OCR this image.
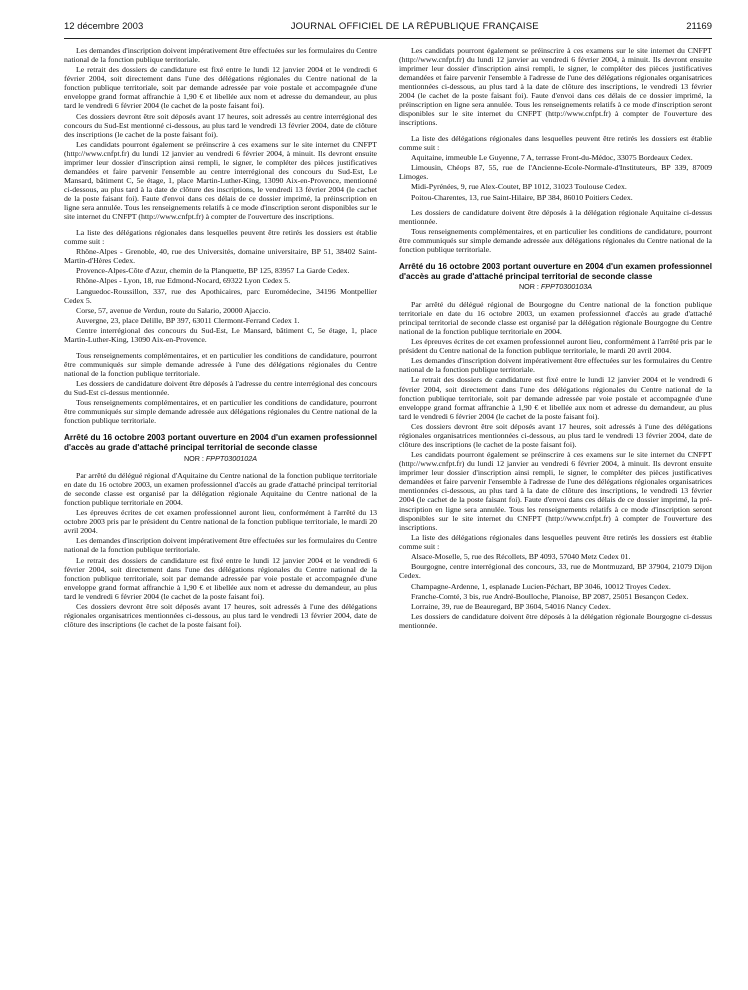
12 décembre 2003	JOURNAL OFFICIEL DE LA RÉPUBLIQUE FRANÇAISE	21169

Les demandes d'inscription doivent impérativement être effectuées sur les formulaires du Centre national de la fonction publique territoriale.

Le retrait des dossiers de candidature est fixé entre le lundi 12 janvier 2004 et le vendredi 6 février 2004, soit directement dans l'une des délégations régionales du Centre national de la fonction publique territoriale, soit par demande adressée par voie postale et accompagnée d'une enveloppe grand format affranchie à 1,90 € et libellée aux nom et adresse du demandeur, au plus tard le vendredi 6 février 2004 (le cachet de la poste faisant foi).

Ces dossiers devront être soit déposés avant 17 heures, soit adressés au centre interrégional des concours du Sud-Est mentionné ci-dessous, au plus tard le vendredi 13 février 2004, date de clôture des inscriptions (le cachet de la poste faisant foi).

Les candidats pourront également se préinscrire à ces examens sur le site internet du CNFPT (http://www.cnfpt.fr) du lundi 12 janvier au vendredi 6 février 2004, à minuit. Ils devront ensuite imprimer leur dossier d'inscription ainsi rempli, le signer, le compléter des pièces justificatives demandées et faire parvenir l'ensemble au centre interrégional des concours du Sud-Est, Le Mansard, bâtiment C, 5e étage, 1, place Martin-Luther-King, 13090 Aix-en-Provence, mentionné ci-dessous, au plus tard à la date de clôture des inscriptions, le vendredi 13 février 2004 (le cachet de la poste faisant foi). Faute d'envoi dans ces délais de ce dossier imprimé, la préinscription en ligne sera annulée. Tous les renseignements relatifs à ce mode d'inscription seront disponibles sur le site internet du CNFPT (http://www.cnfpt.fr) à compter de l'ouverture des inscriptions.

La liste des délégations régionales dans lesquelles peuvent être retirés les dossiers est établie comme suit :

Rhône-Alpes - Grenoble, 40, rue des Universités, domaine universitaire, BP 51, 38402 Saint-Martin-d'Hères Cedex.

Provence-Alpes-Côte d'Azur, chemin de la Planquette, BP 125, 83957 La Garde Cedex.

Rhône-Alpes - Lyon, 18, rue Edmond-Nocard, 69322 Lyon Cedex 5.

Languedoc-Roussillon, 337, rue des Apothicaires, parc Euromédecine, 34196 Montpellier Cedex 5.

Corse, 57, avenue de Verdun, route du Salario, 20000 Ajaccio.

Auvergne, 23, place Delille, BP 397, 63011 Clermont-Ferrand Cedex 1.

Centre interrégional des concours du Sud-Est, Le Mansard, bâtiment C, 5e étage, 1, place Martin-Luther-King, 13090 Aix-en-Provence.

Tous renseignements complémentaires, et en particulier les conditions de candidature, pourront être communiqués sur simple demande adressée à l'une des délégations régionales du Centre national de la fonction publique territoriale.

Les dossiers de candidature doivent être déposés à l'adresse du centre interrégional des concours du Sud-Est ci-dessus mentionnée.

Tous renseignements complémentaires, et en particulier les conditions de candidature, pourront être communiqués sur simple demande adressée aux délégations régionales du Centre national de la fonction publique territoriale.

Arrêté du 16 octobre 2003 portant ouverture en 2004 d'un examen professionnel d'accès au grade d'attaché principal territorial de seconde classe

NOR : FPPT0300102A

Par arrêté du délégué régional d'Aquitaine du Centre national de la fonction publique territoriale en date du 16 octobre 2003, un examen professionnel d'accès au grade d'attaché principal territorial de seconde classe est organisé par la délégation régionale Aquitaine du Centre national de la fonction publique territoriale en 2004.

Les épreuves écrites de cet examen professionnel auront lieu, conformément à l'arrêté du 13 octobre 2003 pris par le président du Centre national de la fonction publique territoriale, le mardi 20 avril 2004.

Les demandes d'inscription doivent impérativement être effectuées sur les formulaires du Centre national de la fonction publique territoriale.

Le retrait des dossiers de candidature est fixé entre le lundi 12 janvier 2004 et le vendredi 6 février 2004, soit directement dans l'une des délégations régionales du Centre national de la fonction publique territoriale, soit par demande adressée par voie postale et accompagnée d'une enveloppe grand format affranchie à 1,90 € et libellée aux nom et adresse du demandeur, au plus tard le vendredi 6 février 2004 (le cachet de la poste faisant foi).

Ces dossiers devront être soit déposés avant 17 heures, soit adressés à l'une des délégations régionales organisatrices mentionnées ci-dessous, au plus tard le vendredi 13 février 2004, date de clôture des inscriptions (le cachet de la poste faisant foi).

Les candidats pourront également se préinscrire à ces examens sur le site internet du CNFPT (http://www.cnfpt.fr) du lundi 12 janvier au vendredi 6 février 2004, à minuit. Ils devront ensuite imprimer leur dossier d'inscription ainsi rempli, le signer, le compléter des pièces justificatives demandées et faire parvenir l'ensemble à l'adresse de l'une des délégations régionales organisatrices mentionnées ci-dessous, au plus tard à la date de clôture des inscriptions, le vendredi 13 février 2004 (le cachet de la poste faisant foi). Faute d'envoi dans ces délais de ce dossier imprimé, la préinscription en ligne sera annulée. Tous les renseignements relatifs à ce mode d'inscription seront disponibles sur le site internet du CNFPT (http://www.cnfpt.fr) à compter de l'ouverture des inscriptions.

La liste des délégations régionales dans lesquelles peuvent être retirés les dossiers est établie comme suit :

Aquitaine, immeuble Le Guyenne, 7 A, terrasse Front-du-Médoc, 33075 Bordeaux Cedex.

Limousin, Chéops 87, 55, rue de l'Ancienne-Ecole-Normale-d'Instituteurs, BP 339, 87009 Limoges.

Midi-Pyrénées, 9, rue Alex-Coutet, BP 1012, 31023 Toulouse Cedex.

Poitou-Charentes, 13, rue Saint-Hilaire, BP 384, 86010 Poitiers Cedex.

Les dossiers de candidature doivent être déposés à la délégation régionale Aquitaine ci-dessus mentionnée.

Tous renseignements complémentaires, et en particulier les conditions de candidature, pourront être communiqués sur simple demande adressée aux délégations régionales du Centre national de la fonction publique territoriale.

Arrêté du 16 octobre 2003 portant ouverture en 2004 d'un examen professionnel d'accès au grade d'attaché principal territorial de seconde classe

NOR : FPPT0300103A

Par arrêté du délégué régional de Bourgogne du Centre national de la fonction publique territoriale en date du 16 octobre 2003, un examen professionnel d'accès au grade d'attaché principal territorial de seconde classe est organisé par la délégation régionale Bourgogne du Centre national de la fonction publique territoriale en 2004.

Les épreuves écrites de cet examen professionnel auront lieu, conformément à l'arrêté pris par le président du Centre national de la fonction publique territoriale, le mardi 20 avril 2004.

Les demandes d'inscription doivent impérativement être effectuées sur les formulaires du Centre national de la fonction publique territoriale.

Le retrait des dossiers de candidature est fixé entre le lundi 12 janvier 2004 et le vendredi 6 février 2004, soit directement dans l'une des délégations régionales du Centre national de la fonction publique territoriale, soit par demande adressée par voie postale et accompagnée d'une enveloppe grand format affranchie à 1,90 € et libellée aux nom et adresse du demandeur, au plus tard le vendredi 6 février 2004 (le cachet de la poste faisant foi).

Ces dossiers devront être soit déposés avant 17 heures, soit adressés à l'une des délégations régionales organisatrices mentionnées ci-dessous, au plus tard le vendredi 13 février 2004, date de clôture des inscriptions (le cachet de la poste faisant foi).

Les candidats pourront également se préinscrire à ces examens sur le site internet du CNFPT (http://www.cnfpt.fr) du lundi 12 janvier au vendredi 6 février 2004, à minuit. Ils devront ensuite imprimer leur dossier d'inscription ainsi rempli, le signer, le compléter des pièces justificatives demandées et faire parvenir l'ensemble à l'adresse de l'une des délégations régionales organisatrices mentionnées ci-dessous, au plus tard à la date de clôture des inscriptions, le vendredi 13 février 2004 (le cachet de la poste faisant foi). Faute d'envoi dans ces délais de ce dossier imprimé, la pré-inscription en ligne sera annulée. Tous les renseignements relatifs à ce mode d'inscription seront disponibles sur le site internet du CNFPT (http://www.cnfpt.fr) à compter de l'ouverture des inscriptions.

La liste des délégations régionales dans lesquelles peuvent être retirés les dossiers est établie comme suit :

Alsace-Moselle, 5, rue des Récollets, BP 4093, 57040 Metz Cedex 01.

Bourgogne, centre interrégional des concours, 33, rue de Montmuzard, BP 37904, 21079 Dijon Cedex.

Champagne-Ardenne, 1, esplanade Lucien-Péchart, BP 3046, 10012 Troyes Cedex.

Franche-Comté, 3 bis, rue André-Boulloche, Planoise, BP 2087, 25051 Besançon Cedex.

Lorraine, 39, rue de Beauregard, BP 3604, 54016 Nancy Cedex.

Les dossiers de candidature doivent être déposés à la délégation régionale Bourgogne ci-dessus mentionnée.
